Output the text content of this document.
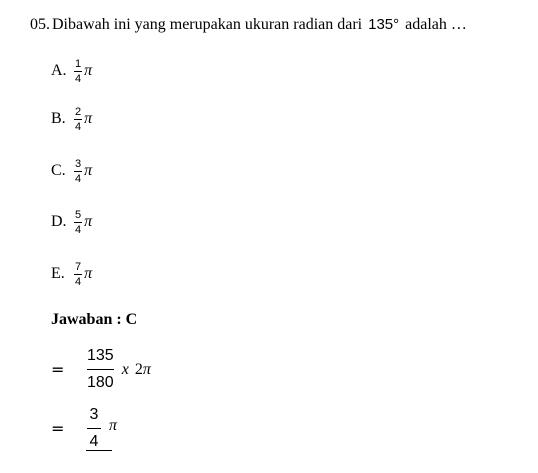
05. Dibawah ini yang merupakan ukuran radian dari 135° adalah …
A. $\frac{1}{4}$ π
B. $\frac{2}{4}$ π
C. $\frac{3}{4}$ π
D. $\frac{5}{4}$ π
E. $\frac{7}{4}$ π
Jawaban : C
=	$\frac{135}{180}$ x 2π
=	$\frac{3}{4}$ π
